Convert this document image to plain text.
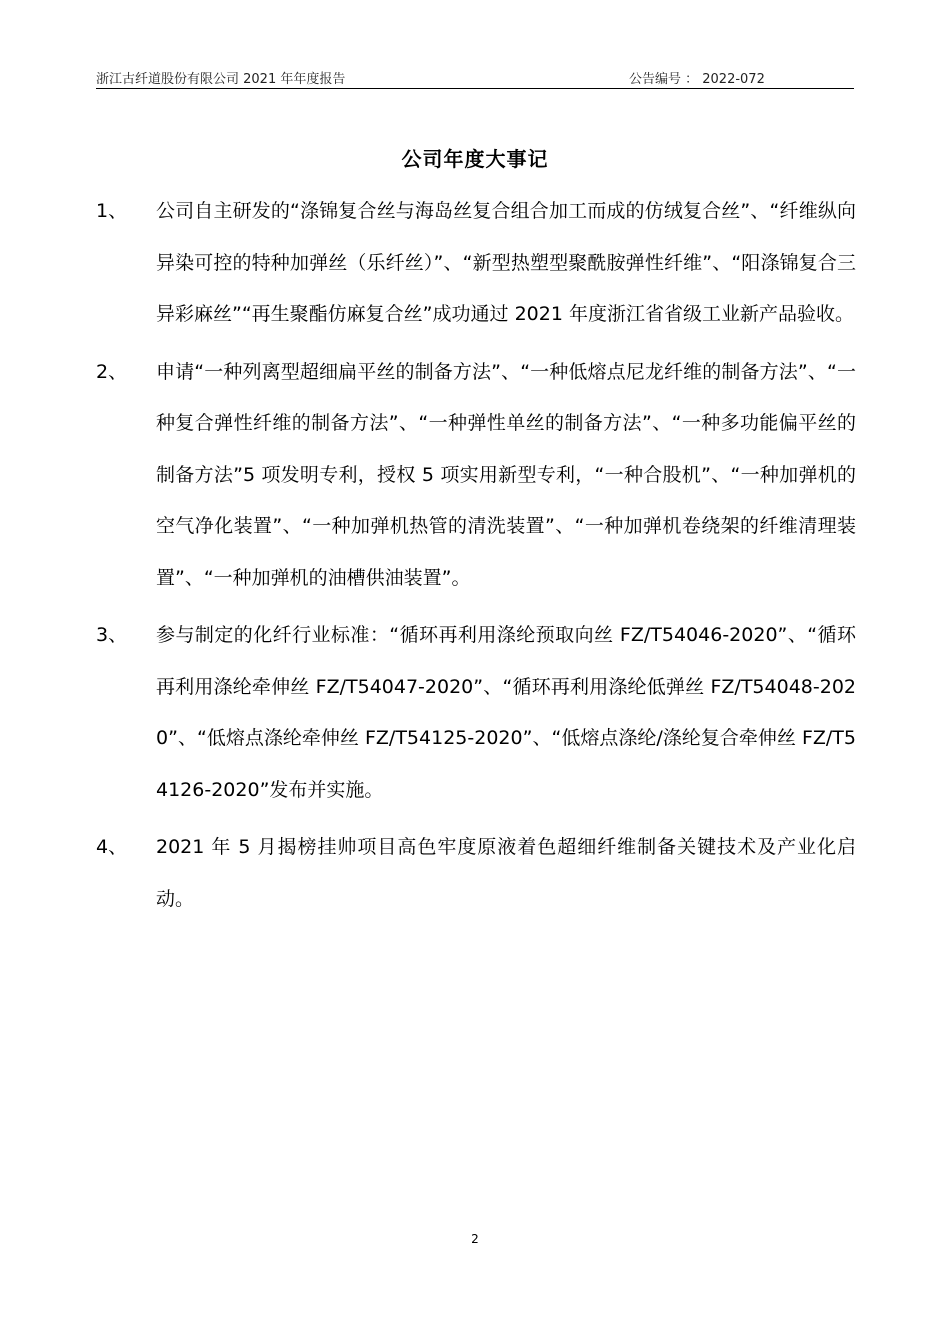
浙江古纤道股份有限公司 2021 年年度报告	公告编号 ： 2022-072
公司年度大事记
1、	公司自主研发的“涤锦复合丝与海岛丝复合组合加工而成的仿绒复合丝”、“纤维纵向异染可控的特种加弹丝（乐纤丝）”、“新型热塑型聚酰胺弹性纤维”、“阳涤锦复合三异彩麻丝”“再生聚酯仿麻复合丝”成功通过 2021 年度浙江省省级工业新产品验收。
2、	申请“一种列离型超细扁平丝的制备方法”、“一种低熔点尼龙纤维的制备方法”、“一种复合弹性纤维的制备方法”、“一种弹性单丝的制备方法”、“一种多功能偏平丝的制备方法”5 项发明专利，授权 5 项实用新型专利，“一种合股机”、“一种加弹机的空气净化装置”、“一种加弹机热管的清洗装置”、“一种加弹机卷绕架的纤维清理装置”、“一种加弹机的油槽供油装置”。
3、	参与制定的化纤行业标准：“循环再利用涤纶预取向丝 FZ/T54046-2020”、“循环再利用涤纶牵伸丝 FZ/T54047-2020”、“循环再利用涤纶低弹丝 FZ/T54048-2020”、“低熔点涤纶牵伸丝 FZ/T54125-2020”、“低熔点涤纶/涤纶复合牵伸丝 FZ/T54126-2020”发布并实施。
4、	2021 年 5 月揭榜挂帅项目高色牢度原液着色超细纤维制备关键技术及产业化启动。
2
